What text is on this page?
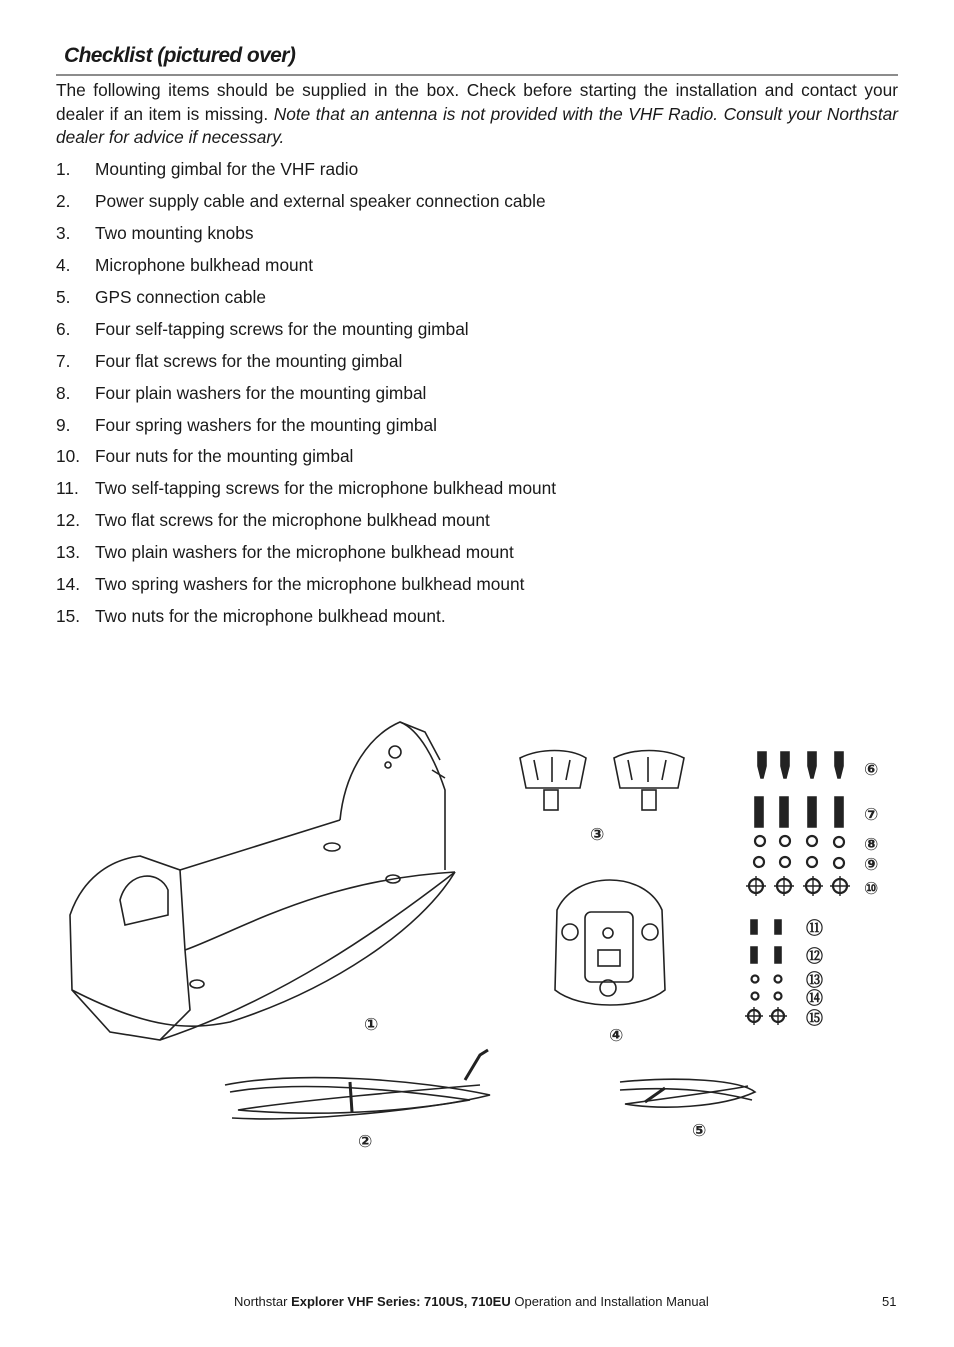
Checklist (pictured over)

The following items should be supplied in the box. Check before starting the installation and contact your dealer if an item is missing. Note that an antenna is not provided with the VHF Radio. Consult your Northstar dealer for advice if necessary.

1.	Mounting gimbal for the VHF radio
2.	Power supply cable and external speaker connection cable
3.	Two mounting knobs
4.	Microphone bulkhead mount
5.	GPS connection cable
6.	Four self-tapping screws for the mounting gimbal
7.	Four flat screws for the mounting gimbal
8.	Four plain washers for the mounting gimbal
9.	Four spring washers for the mounting gimbal
10. Four nuts for the mounting gimbal
11. Two self-tapping screws for the microphone bulkhead mount
12. Two flat screws for the microphone bulkhead mount
13. Two plain washers for the microphone bulkhead mount
14. Two spring washers for the microphone bulkhead mount
15. Two nuts for the microphone bulkhead mount.
①
②
③
④
⑤
⑥
⑦
⑧
⑨
⑩
⑪
⑫
⑬
⑭
⑮
Northstar Explorer VHF Series: 710US, 710EU Operation and Installation Manual	51
